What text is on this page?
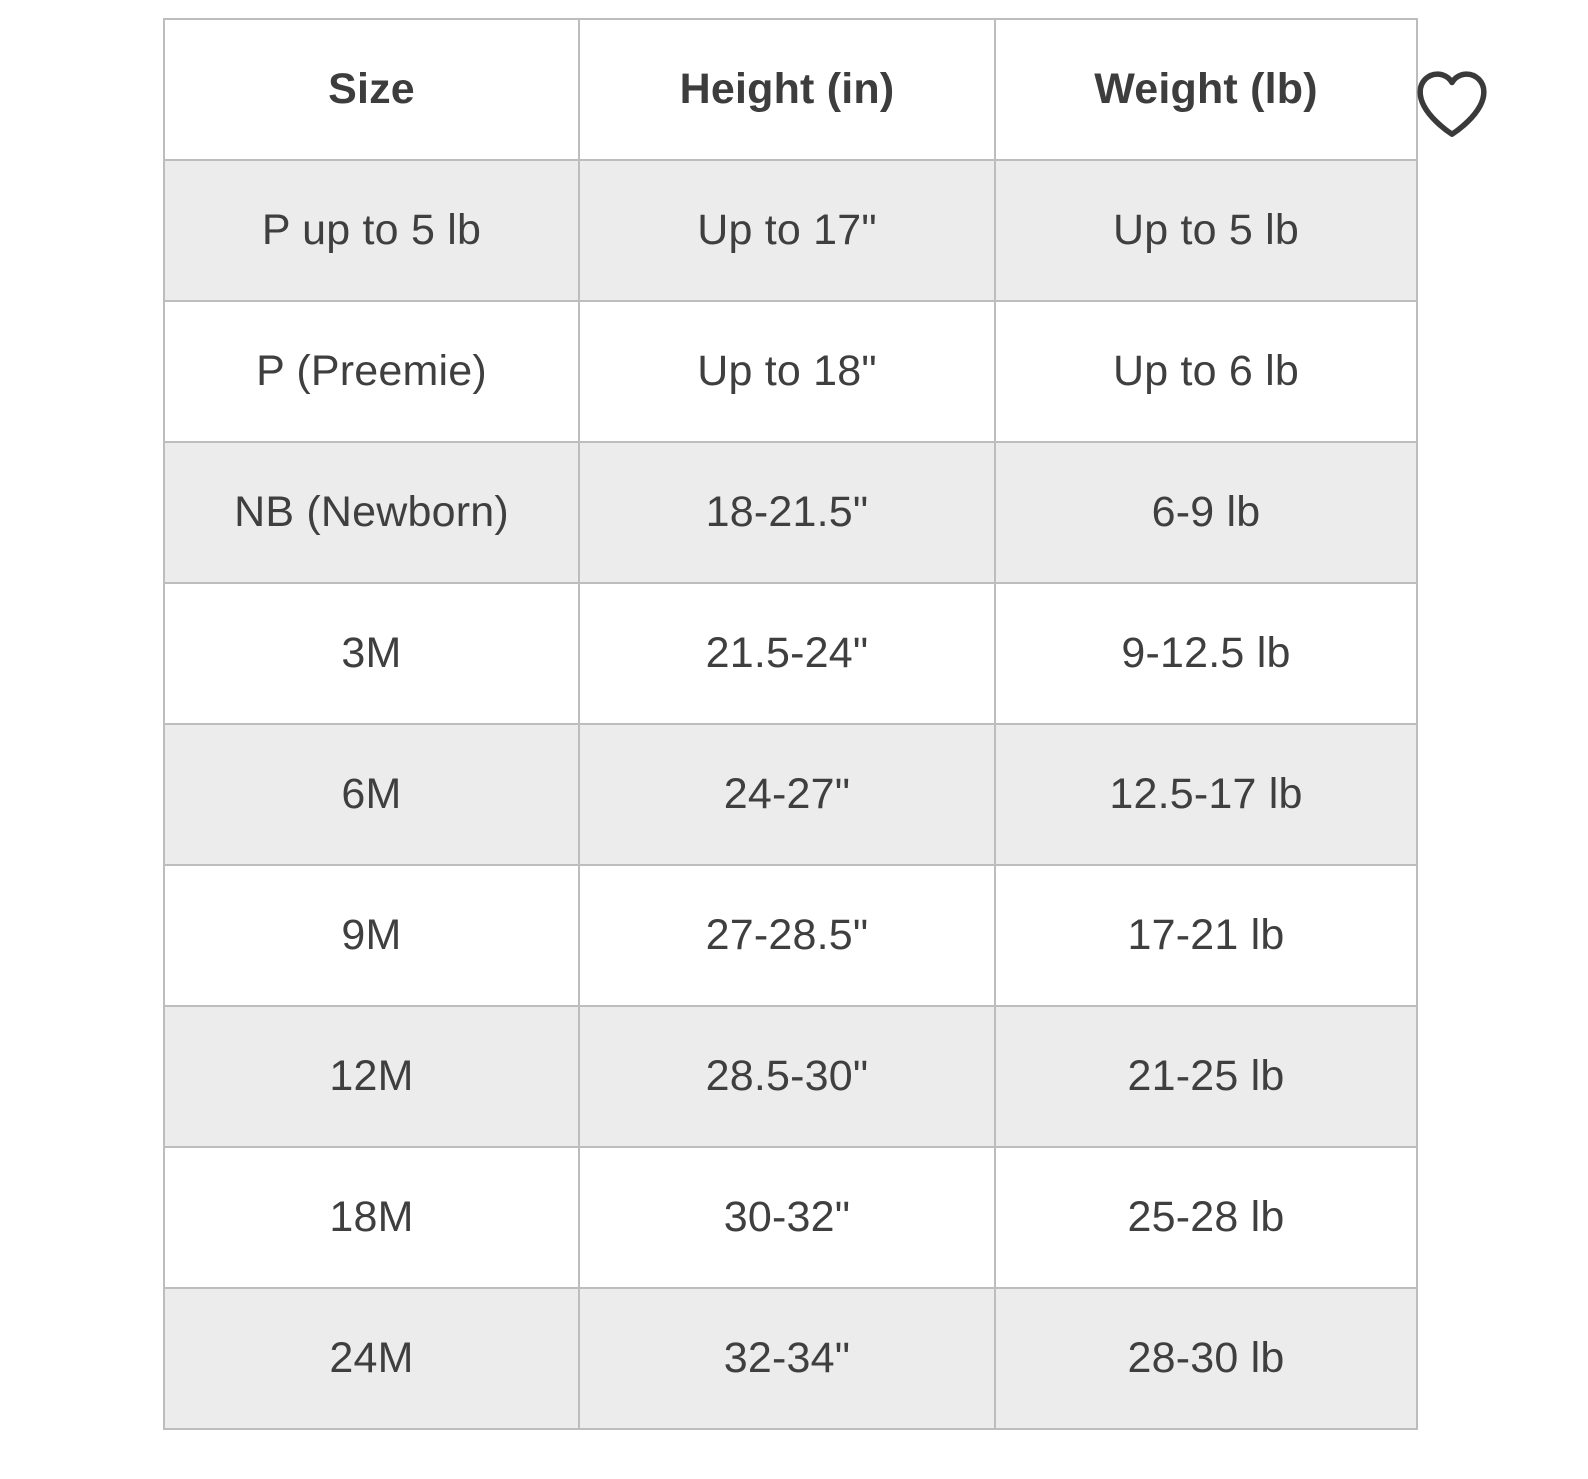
Size	Height (in)	Weight (lb)
P up to 5 lb	Up to 17"	Up to 5 lb
P (Preemie)	Up to 18"	Up to 6 lb
NB (Newborn)	18-21.5"	6-9 lb
3M	21.5-24"	9-12.5 lb
6M	24-27"	12.5-17 lb
9M	27-28.5"	17-21 lb
12M	28.5-30"	21-25 lb
18M	30-32"	25-28 lb
24M	32-34"	28-30 lb
